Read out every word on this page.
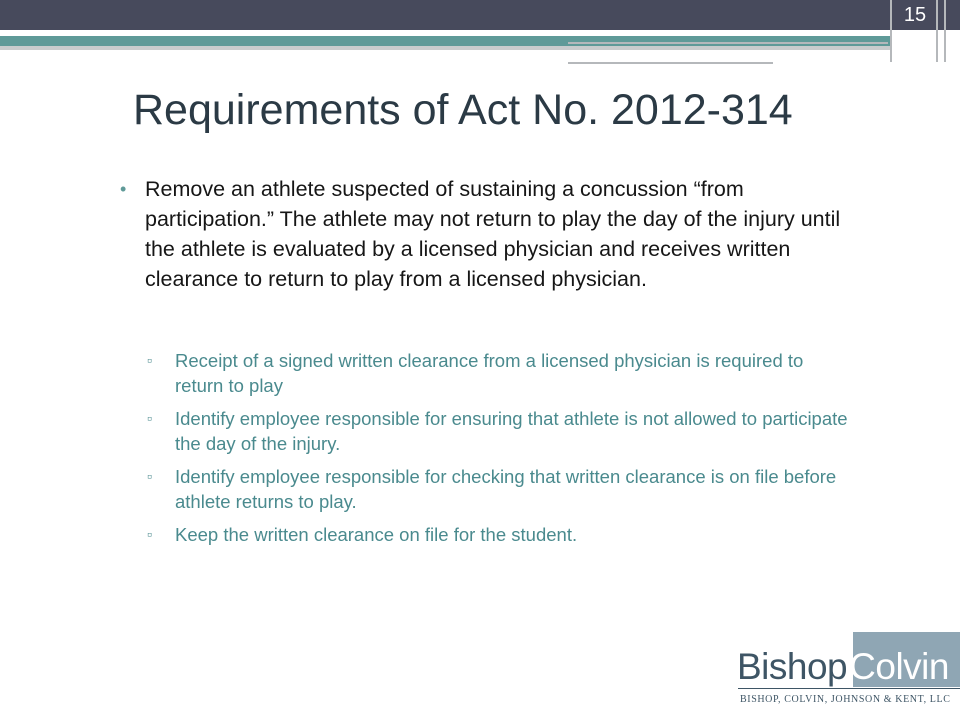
15
Requirements of Act No. 2012-314
• Remove an athlete suspected of sustaining a concussion “from participation.” The athlete may not return to play the day of the injury until the athlete is evaluated by a licensed physician and receives written clearance to return to play from a licensed physician.
▫ Receipt of a signed written clearance from a licensed physician is required to return to play
▫ Identify employee responsible for ensuring that athlete is not allowed to participate the day of the injury.
▫ Identify employee responsible for checking that written clearance is on file before athlete returns to play.
▫ Keep the written clearance on file for the student.
BishopColvin
BISHOP, COLVIN, JOHNSON & KENT, LLC
